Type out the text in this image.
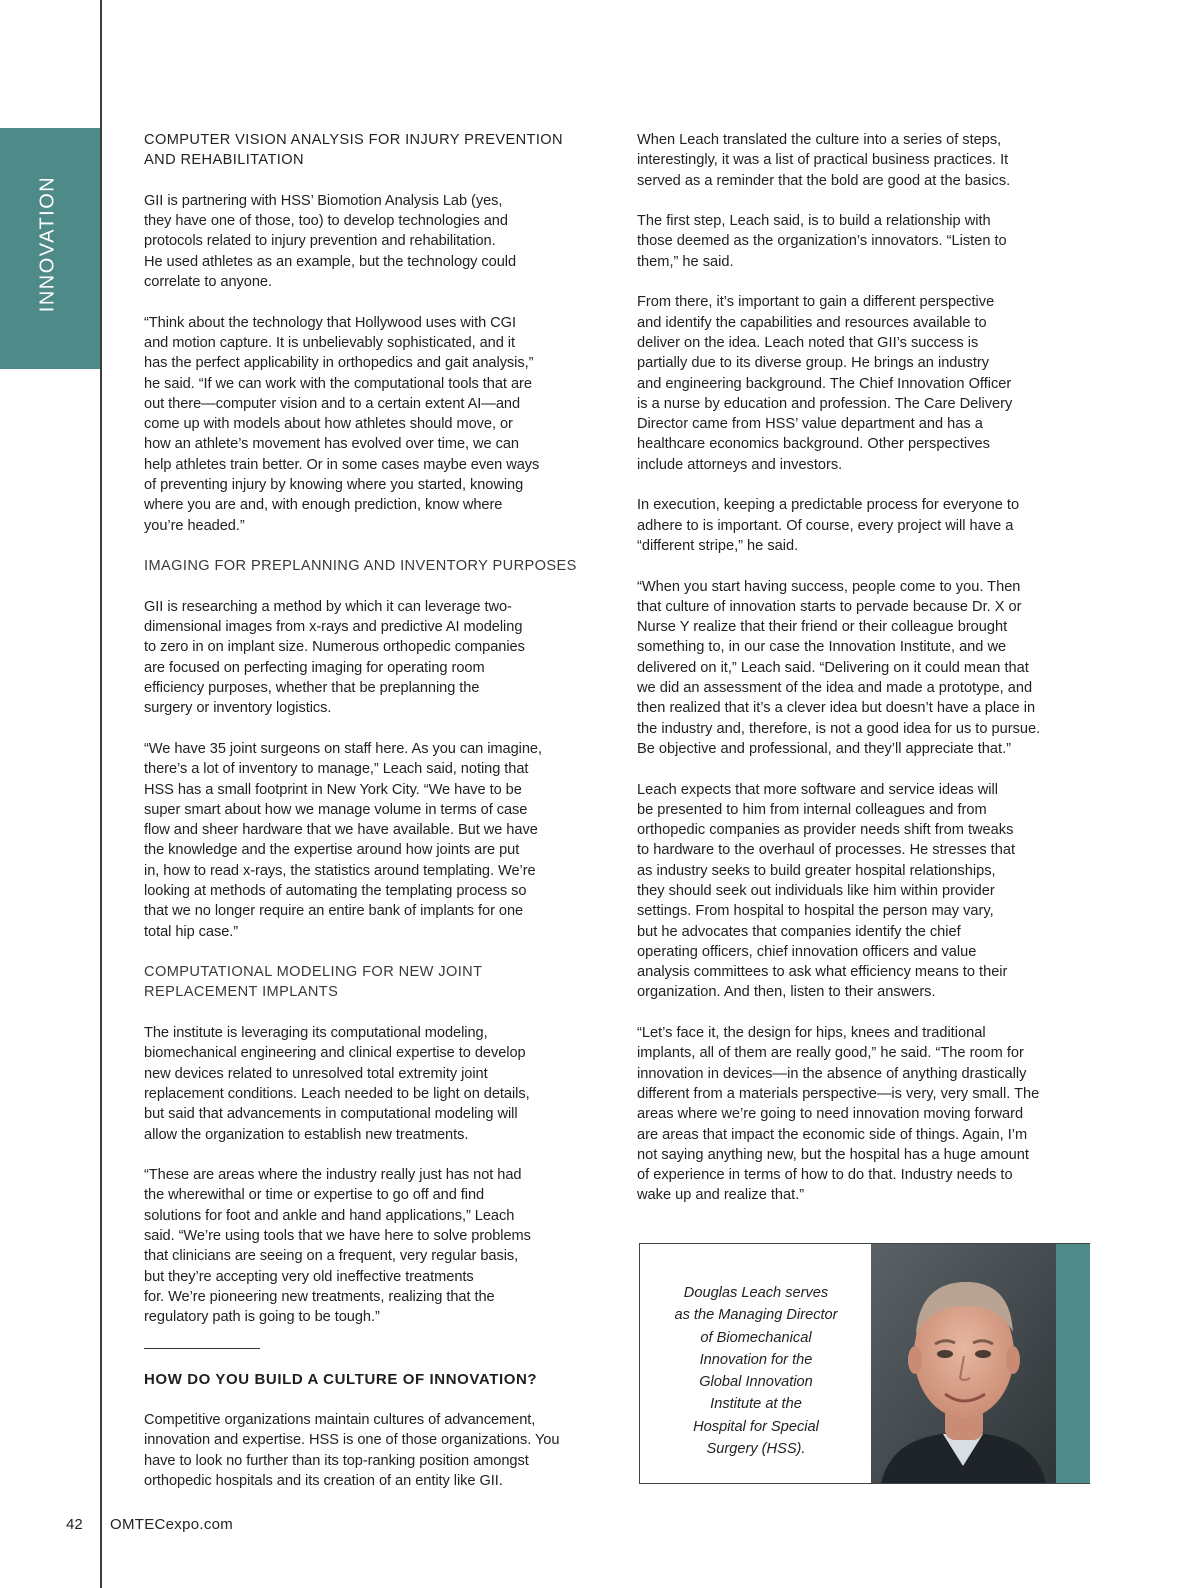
INNOVATION
COMPUTER VISION ANALYSIS FOR INJURY PREVENTION
AND REHABILITATION

GII is partnering with HSS’ Biomotion Analysis Lab (yes,
they have one of those, too) to develop technologies and
protocols related to injury prevention and rehabilitation.
He used athletes as an example, but the technology could
correlate to anyone.

“Think about the technology that Hollywood uses with CGI
and motion capture. It is unbelievably sophisticated, and it
has the perfect applicability in orthopedics and gait analysis,”
he said. “If we can work with the computational tools that are
out there—computer vision and to a certain extent AI—and
come up with models about how athletes should move, or
how an athlete’s movement has evolved over time, we can
help athletes train better. Or in some cases maybe even ways
of preventing injury by knowing where you started, knowing
where you are and, with enough prediction, know where
you’re headed.”

IMAGING FOR PREPLANNING AND INVENTORY PURPOSES

GII is researching a method by which it can leverage two-
dimensional images from x-rays and predictive AI modeling
to zero in on implant size. Numerous orthopedic companies
are focused on perfecting imaging for operating room
efficiency purposes, whether that be preplanning the
surgery or inventory logistics.

“We have 35 joint surgeons on staff here. As you can imagine,
there’s a lot of inventory to manage,” Leach said, noting that
HSS has a small footprint in New York City. “We have to be
super smart about how we manage volume in terms of case
flow and sheer hardware that we have available. But we have
the knowledge and the expertise around how joints are put
in, how to read x-rays, the statistics around templating. We’re
looking at methods of automating the templating process so
that we no longer require an entire bank of implants for one
total hip case.”

COMPUTATIONAL MODELING FOR NEW JOINT
REPLACEMENT IMPLANTS

The institute is leveraging its computational modeling,
biomechanical engineering and clinical expertise to develop
new devices related to unresolved total extremity joint
replacement conditions. Leach needed to be light on details,
but said that advancements in computational modeling will
allow the organization to establish new treatments.

“These are areas where the industry really just has not had
the wherewithal or time or expertise to go off and find
solutions for foot and ankle and hand applications,” Leach
said. “We’re using tools that we have here to solve problems
that clinicians are seeing on a frequent, very regular basis,
but they’re accepting very old ineffective treatments
for. We’re pioneering new treatments, realizing that the
regulatory path is going to be tough.”

HOW DO YOU BUILD A CULTURE OF INNOVATION?

Competitive organizations maintain cultures of advancement,
innovation and expertise. HSS is one of those organizations. You
have to look no further than its top-ranking position amongst
orthopedic hospitals and its creation of an entity like GII.

When Leach translated the culture into a series of steps,
interestingly, it was a list of practical business practices. It
served as a reminder that the bold are good at the basics.

The first step, Leach said, is to build a relationship with
those deemed as the organization’s innovators. “Listen to
them,” he said.

From there, it’s important to gain a different perspective
and identify the capabilities and resources available to
deliver on the idea. Leach noted that GII’s success is
partially due to its diverse group. He brings an industry
and engineering background. The Chief Innovation Officer
is a nurse by education and profession. The Care Delivery
Director came from HSS’ value department and has a
healthcare economics background. Other perspectives
include attorneys and investors.

In execution, keeping a predictable process for everyone to
adhere to is important. Of course, every project will have a
“different stripe,” he said.

“When you start having success, people come to you. Then
that culture of innovation starts to pervade because Dr. X or
Nurse Y realize that their friend or their colleague brought
something to, in our case the Innovation Institute, and we
delivered on it,” Leach said. “Delivering on it could mean that
we did an assessment of the idea and made a prototype, and
then realized that it’s a clever idea but doesn’t have a place in
the industry and, therefore, is not a good idea for us to pursue.
Be objective and professional, and they’ll appreciate that.”

Leach expects that more software and service ideas will
be presented to him from internal colleagues and from
orthopedic companies as provider needs shift from tweaks
to hardware to the overhaul of processes. He stresses that
as industry seeks to build greater hospital relationships,
they should seek out individuals like him within provider
settings. From hospital to hospital the person may vary,
but he advocates that companies identify the chief
operating officers, chief innovation officers and value
analysis committees to ask what efficiency means to their
organization. And then, listen to their answers.

“Let’s face it, the design for hips, knees and traditional
implants, all of them are really good,” he said. “The room for
innovation in devices—in the absence of anything drastically
different from a materials perspective—is very, very small. The
areas where we’re going to need innovation moving forward
are areas that impact the economic side of things. Again, I’m
not saying anything new, but the hospital has a huge amount
of experience in terms of how to do that. Industry needs to
wake up and realize that.”

Douglas Leach serves
as the Managing Director
of Biomechanical
Innovation for the
Global Innovation
Institute at the
Hospital for Special
Surgery (HSS).
42 OMTECexpo.com
